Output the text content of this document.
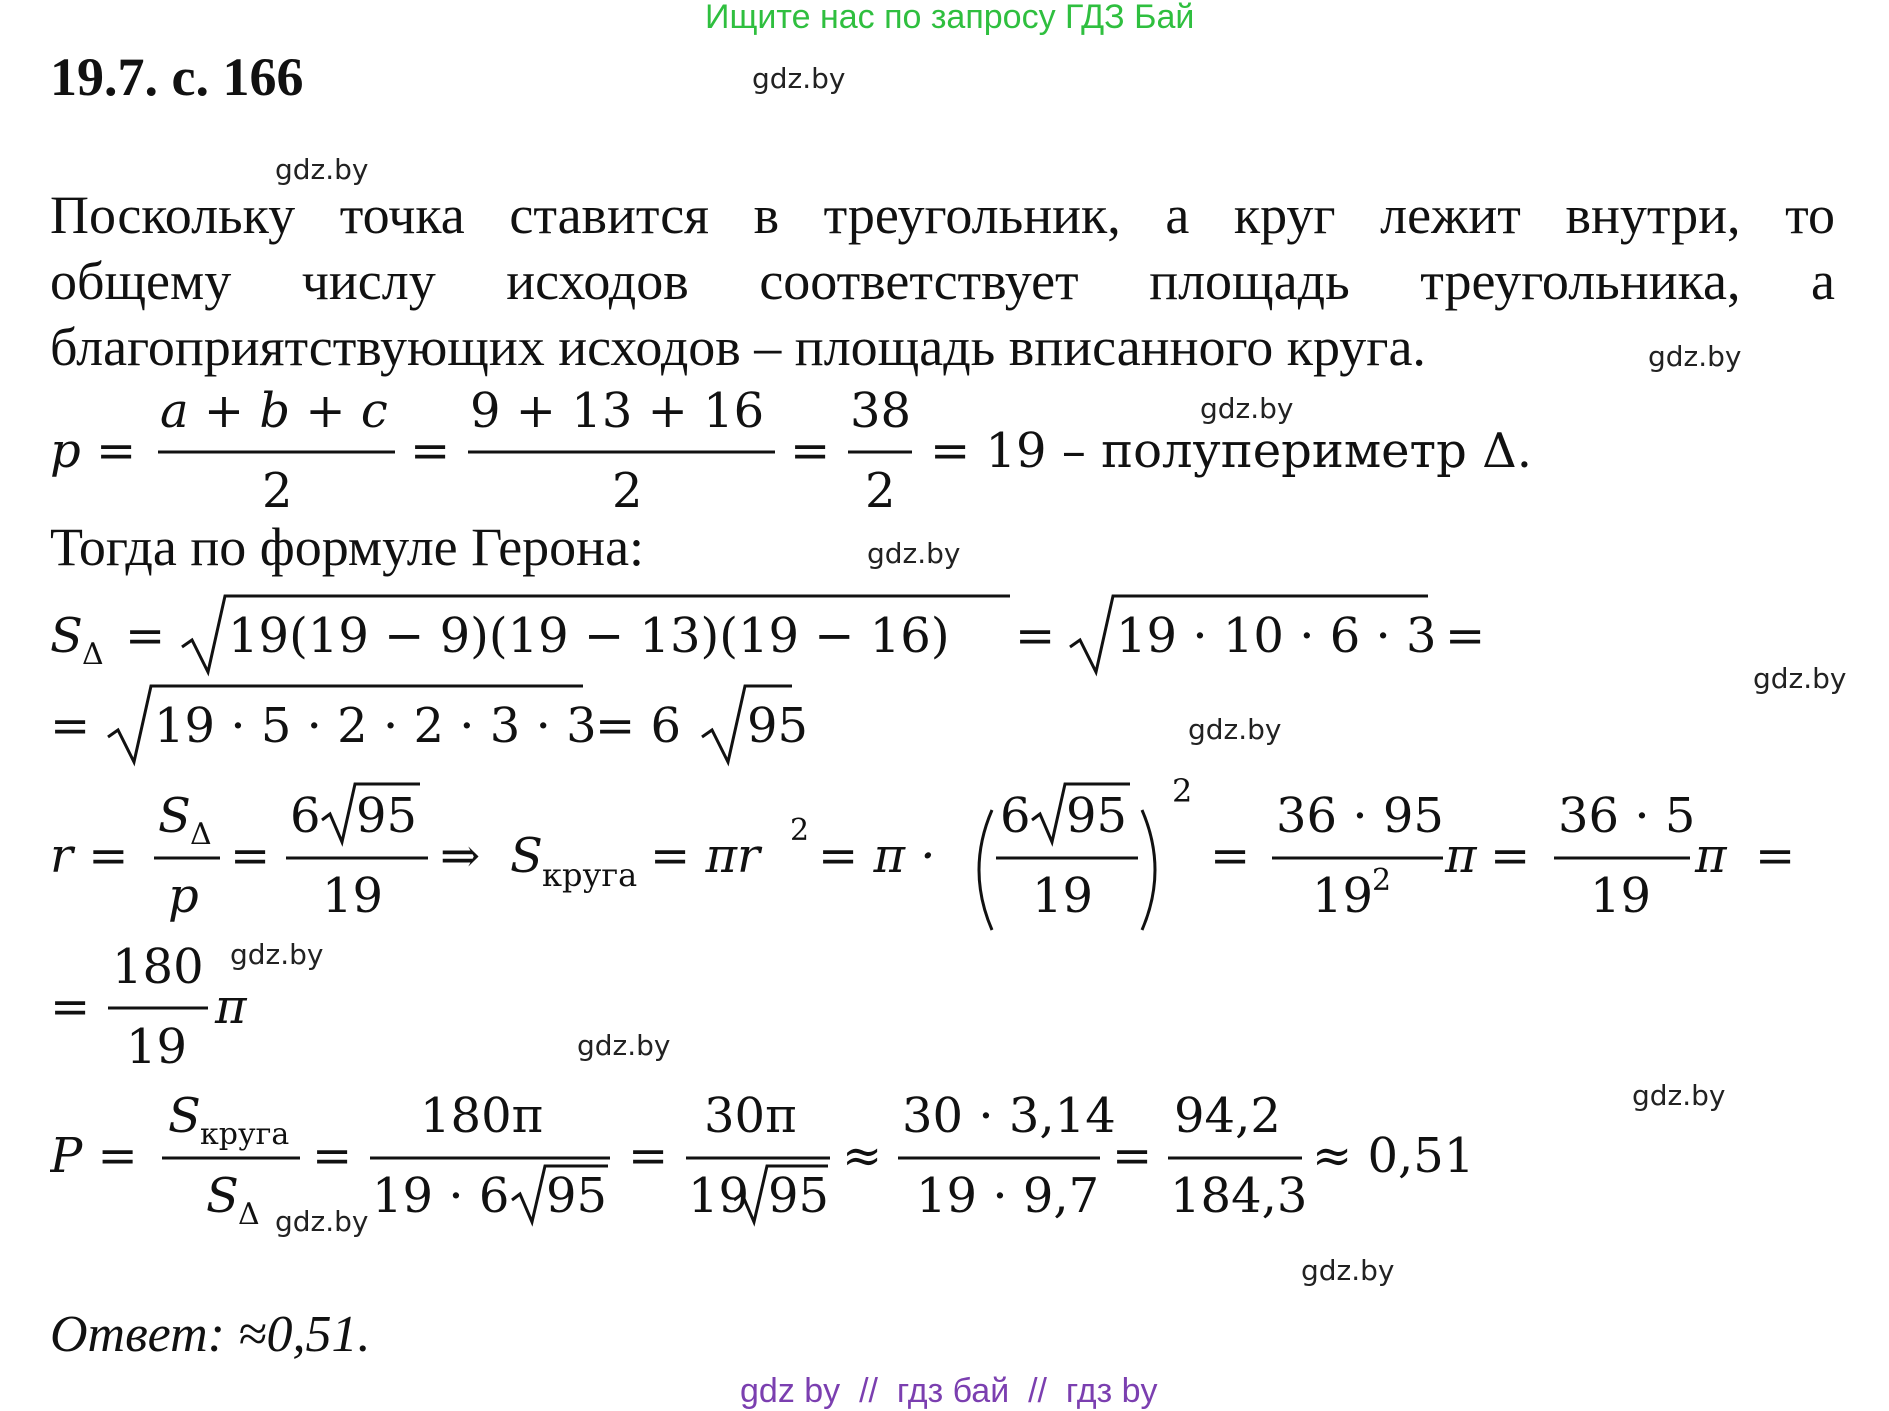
Ищите нас по запросу ГДЗ Бай
19.7. с. 166	gdz.by
gdz.by
gdz.by
gdz.by
gdz.by
gdz.by
gdz.by
gdz.by
gdz.by
gdz.by
gdz.by
gdz.by
Поскольку точка ставится в треугольник, а круг лежит внутри, то
общему числу исходов соответствует площадь треугольника, а
благоприятствующих исходов – площадь вписанного круга.
p =
a + b + c
2
=
9 + 13 + 16
2
=
38
2
= 19 – полупериметр Δ.
Тогда по формуле Герона:
S Δ = 19(19 − 9)(19 − 13)(19 − 16) = 19 · 10 · 6 · 3 =
= 19 · 5 · 2 · 2 · 3 · 3
= 6 95
r =
S Δ
p
=
6 95
19
⇒ S круга = πr 2 = π ·
6 95
19
2
=
36 · 95
19
2 π =
36 · 5
19
π =
=
180
19
π
P =
S круга
S Δ
=
180π
19 · 6 95
=
30π
19 95
≈
30 · 3,14
19 · 9,7
=
94,2
184,3
≈ 0,51
Ответ: ≈0,51.
gdz by  //  гдз бай  //  гдз by
